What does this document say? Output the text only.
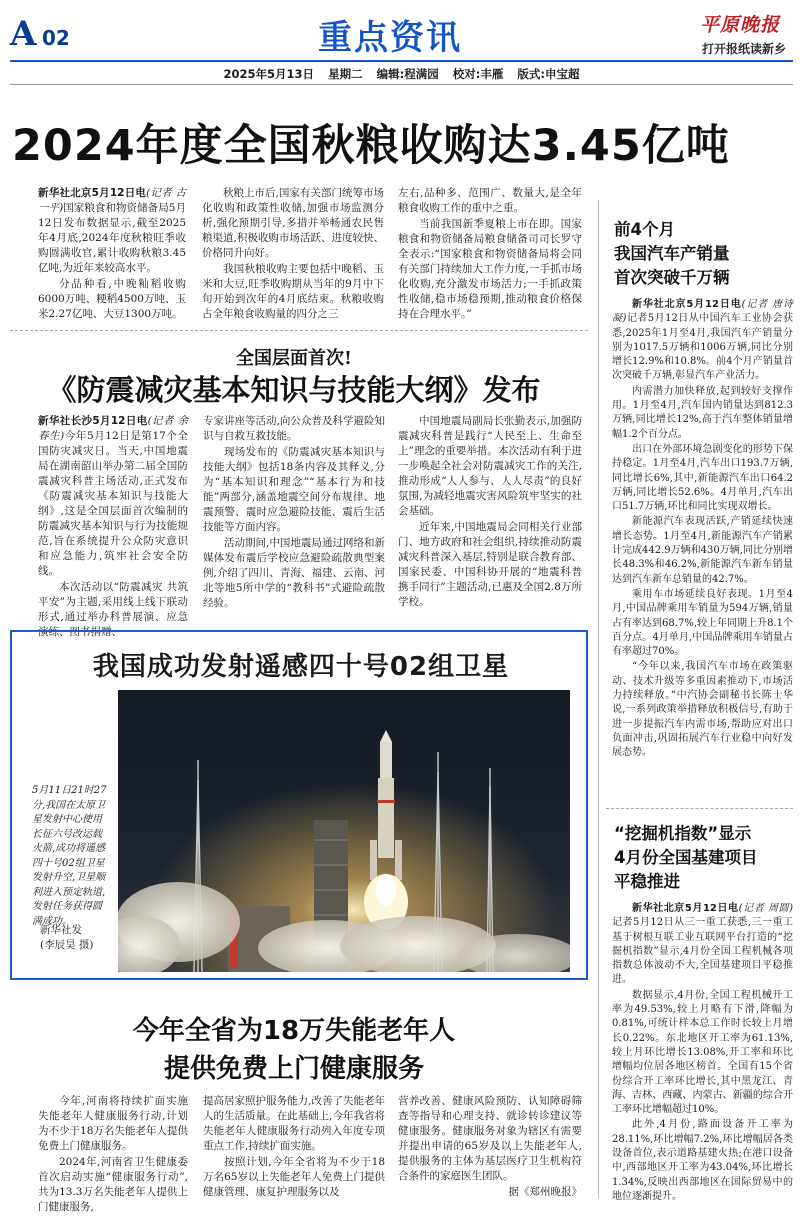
A 02	重点资讯	平原晚报
打开报纸读新乡
2025年5月13日 星期二 编辑:程满园 校对:丰雁 版式:申宝超
2024年度全国秋粮收购达3.45亿吨

新华社北京5月12日电(记者 古一平)国家粮食和物资储备局5月12日发布数据显示,截至2025年4月底,2024年度秋粮旺季收购圆满收官,累计收购秋粮3.45亿吨,为近年来较高水平。

分品种看,中晚籼稻收购6000万吨、粳稻4500万吨、玉米2.27亿吨、大豆1300万吨。

秋粮上市后,国家有关部门统筹市场化收购和政策性收储,加强市场监测分析,强化预期引导,多措并举畅通农民售粮渠道,积极收购市场活跃、进度较快、价格同升向好。

我国秋粮收购主要包括中晚稻、玉米和大豆,旺季收购期从当年的9月中下旬开始到次年的4月底结束。秋粮收购占全年粮食收购量的四分之三

左右,品种多、范围广、数量大,是全年粮食收购工作的重中之重。

当前我国新季夏粮上市在即。国家粮食和物资储备局粮食储备司司长罗守全表示:“国家粮食和物资储备局将会同有关部门持续加大工作力度,一手抓市场化收购,充分激发市场活力;一手抓政策性收储,稳市场稳预期,推动粮食价格保持在合理水平。”

全国层面首次!
《防震减灾基本知识与技能大纲》发布

新华社长沙5月12日电(记者 余春生)今年5月12日是第17个全国防灾减灾日。当天,中国地震局在湖南韶山举办第二届全国防震减灾科普主场活动,正式发布《防震减灾基本知识与技能大纲》,这是全国层面首次编制的防震减灾基本知识与行为技能规范,旨在系统提升公众防灾意识和应急能力,筑牢社会安全防线。

本次活动以“防震减灾 共筑平安”为主题,采用线上线下联动形式,通过举办科普展演、应急演练、图书捐赠、

专家讲座等活动,向公众普及科学避险知识与自救互救技能。

现场发布的《防震减灾基本知识与技能大纲》包括18条内容及其释义,分为“基本知识和理念”“基本行为和技能”两部分,涵盖地震空间分布规律、地震预警、震时应急避险技能、震后生活技能等方面内容。

活动期间,中国地震局通过网络和新媒体发布震后学校应急避险疏散典型案例,介绍了四川、青海、福建、云南、河北等地5所中学的“教科书”式避险疏散经验。

中国地震局副局长张勤表示,加强防震减灾科普是践行“人民至上、生命至上”理念的重要举措。本次活动有利于进一步唤起全社会对防震减灾工作的关注,推动形成“人人参与、人人尽责”的良好氛围,为减轻地震灾害风险筑牢坚实的社会基础。

近年来,中国地震局会同相关行业部门、地方政府和社会组织,持续推动防震减灾科普深入基层,特别是联合教育部、国家民委、中国科协开展的“地震科普 携手同行”主题活动,已惠及全国2.8万所学校。

我国成功发射遥感四十号02组卫星
5月11日21时27分,我国在太原卫星发射中心使用长征六号改运载火箭,成功将遥感四十号02组卫星发射升空,卫星顺利进入预定轨道,发射任务获得圆满成功。
新华社发
(李辰昊 摄)
今年全省为18万失能老年人
提供免费上门健康服务

今年,河南将持续扩面实施失能老年人健康服务行动,计划为不少于18万名失能老年人提供免费上门健康服务。

2024年,河南省卫生健康委首次启动实施“健康服务行动”,共为13.3万名失能老年人提供上门健康服务,

提高居家照护服务能力,改善了失能老年人的生活质量。在此基础上,今年我省将失能老年人健康服务行动列入年度专项重点工作,持续扩面实施。

按照计划,今年全省将为不少于18万名65岁以上失能老年人免费上门提供健康管理、康复护理服务以及

营养改善、健康风险预防、认知障碍筛查等指导和心理支持、就诊转诊建议等健康服务。健康服务对象为辖区有需要并提出申请的65岁及以上失能老年人,提供服务的主体为基层医疗卫生机构符合条件的家庭医生团队。

据《郑州晚报》

前4个月
我国汽车产销量
首次突破千万辆

新华社北京5月12日电(记者 唐诗凝)记者5月12日从中国汽车工业协会获悉,2025年1月至4月,我国汽车产销量分别为1017.5万辆和1006万辆,同比分别增长12.9%和10.8%。前4个月产销量首次突破千万辆,彰显汽车产业活力。

内需潜力加快释放,起到较好支撑作用。1月至4月,汽车国内销量达到812.3万辆,同比增长12%,高于汽车整体销量增幅1.2个百分点。

出口在外部环境急剧变化的形势下保持稳定。1月至4月,汽车出口193.7万辆,同比增长6%,其中,新能源汽车出口64.2万辆,同比增长52.6%。4月单月,汽车出口51.7万辆,环比和同比实现双增长。

新能源汽车表现活跃,产销延续快速增长态势。1月至4月,新能源汽车产销累计完成442.9万辆和430万辆,同比分别增长48.3%和46.2%,新能源汽车新车销量达到汽车新车总销量的42.7%。

乘用车市场延续良好表现。1月至4月,中国品牌乘用车销量为594万辆,销量占有率达到68.7%,较上年同期上升8.1个百分点。4月单月,中国品牌乘用车销量占有率超过70%。

“今年以来,我国汽车市场在政策驱动、技术升级等多重因素推动下,市场活力持续释放。”中汽协会副秘书长陈士华说,一系列政策举措释放积极信号,有助于进一步提振汽车内需市场,帮助应对出口负面冲击,巩固拓展汽车行业稳中向好发展态势。

“挖掘机指数”显示
4月份全国基建项目
平稳推进

新华社北京5月12日电(记者 周圆)记者5月12日从三一重工获悉,三一重工基于树根互联工业互联网平台打造的“挖掘机指数”显示,4月份全国工程机械各项指数总体波动不大,全国基建项目平稳推进。

数据显示,4月份,全国工程机械开工率为49.53%,较上月略有下滑,降幅为0.81%,可统计样本总工作时长较上月增长0.22%。东北地区开工率为61.13%,较上月环比增长13.08%,开工率和环比增幅均位居各地区榜首。全国有15个省份综合开工率环比增长,其中黑龙江、青海、吉林、西藏、内蒙古、新疆的综合开工率环比增幅超过10%。

此外,4月份,路面设备开工率为28.11%,环比增幅7.2%,环比增幅居各类设备首位,表示道路基建火热;在港口设备中,西部地区开工率为43.04%,环比增长1.34%,反映出西部地区在国际贸易中的地位逐渐提升。
